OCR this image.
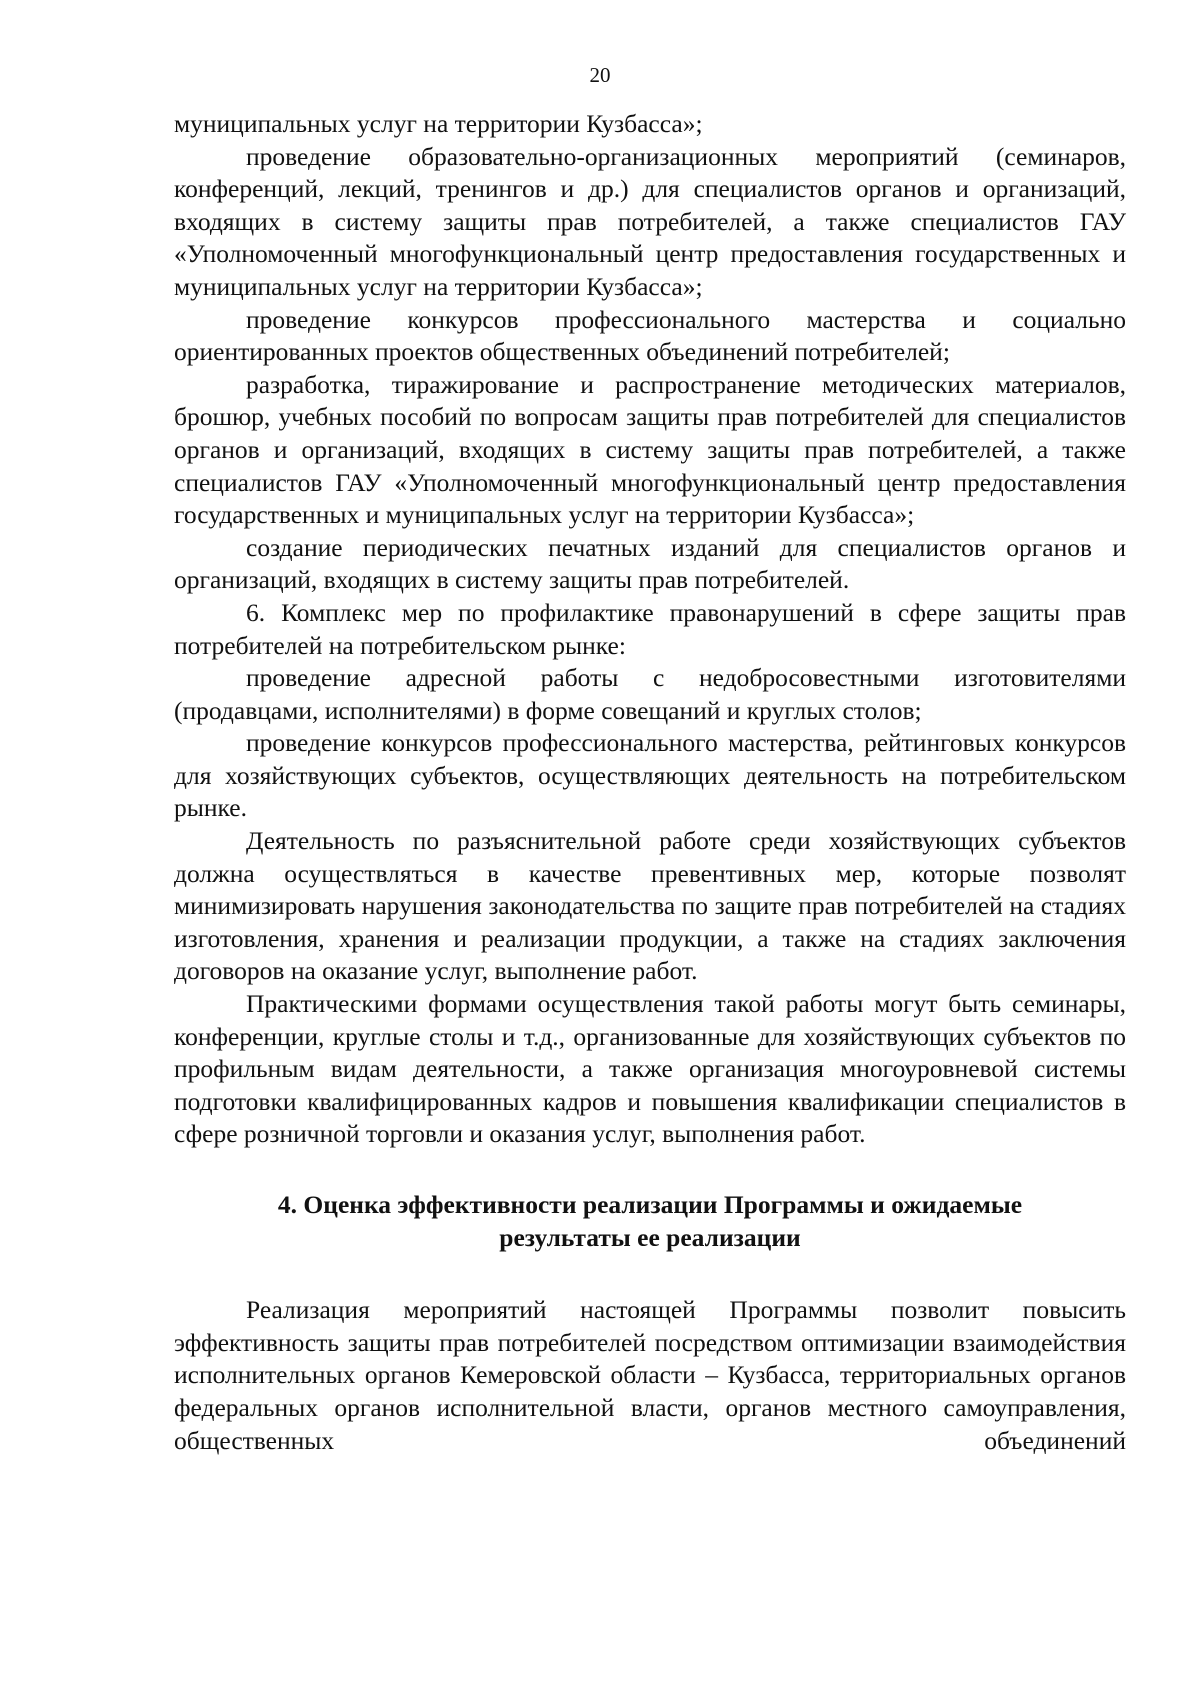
20

муниципальных услуг на территории Кузбасса»;

проведение образовательно-организационных мероприятий (семинаров, конференций, лекций, тренингов и др.) для специалистов органов и организаций, входящих в систему защиты прав потребителей, а также специалистов ГАУ «Уполномоченный многофункциональный центр предоставления государственных и муниципальных услуг на территории Кузбасса»;

проведение конкурсов профессионального мастерства и социально ориентированных проектов общественных объединений потребителей;

разработка, тиражирование и распространение методических материалов, брошюр, учебных пособий по вопросам защиты прав потребителей для специалистов органов и организаций, входящих в систему защиты прав потребителей, а также специалистов ГАУ «Уполномоченный многофункциональный центр предоставления государственных и муниципальных услуг на территории Кузбасса»;

создание периодических печатных изданий для специалистов органов и организаций, входящих в систему защиты прав потребителей.

6. Комплекс мер по профилактике правонарушений в сфере защиты прав потребителей на потребительском рынке:

проведение адресной работы с недобросовестными изготовителями (продавцами, исполнителями) в форме совещаний и круглых столов;

проведение конкурсов профессионального мастерства, рейтинговых конкурсов для хозяйствующих субъектов, осуществляющих деятельность на потребительском рынке.

Деятельность по разъяснительной работе среди хозяйствующих субъектов должна осуществляться в качестве превентивных мер, которые позволят минимизировать нарушения законодательства по защите прав потребителей на стадиях изготовления, хранения и реализации продукции, а также на стадиях заключения договоров на оказание услуг, выполнение работ.

Практическими формами осуществления такой работы могут быть семинары, конференции, круглые столы и т.д., организованные для хозяйствующих субъектов по профильным видам деятельности, а также организация многоуровневой системы подготовки квалифицированных кадров и повышения квалификации специалистов в сфере розничной торговли и оказания услуг, выполнения работ.

4. Оценка эффективности реализации Программы и ожидаемые
результаты ее реализации

Реализация мероприятий настоящей Программы позволит повысить эффективность защиты прав потребителей посредством оптимизации взаимодействия исполнительных органов Кемеровской области – Кузбасса, территориальных органов федеральных органов исполнительной власти, органов местного самоуправления, общественных объединений
